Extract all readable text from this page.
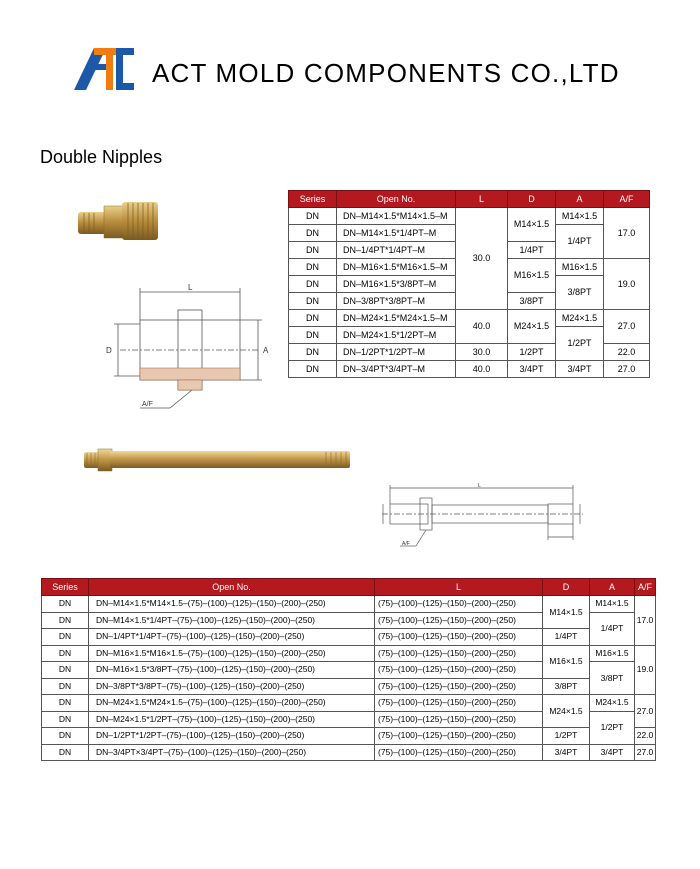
ACT MOLD COMPONENTS CO.,LTD
Double Nipples
L
D	A
A/F
Series	Open No.	L	D	A	A/F
DN	DN–M14×1.5*M14×1.5–M	30.0	M14×1.5	M14×1.5	17.0
DN	DN–M14×1.5*1/4PT–M			1/4PT	
DN	DN–1/4PT*1/4PT–M		1/4PT		
DN	DN–M16×1.5*M16×1.5–M		M16×1.5	M16×1.5	19.0
DN	DN–M16×1.5*3/8PT–M			3/8PT	
DN	DN–3/8PT*3/8PT–M		3/8PT		
DN	DN–M24×1.5*M24×1.5–M	40.0	M24×1.5	M24×1.5	27.0
DN	DN–M24×1.5*1/2PT–M			1/2PT	
DN	DN–1/2PT*1/2PT–M	30.0	1/2PT		22.0
DN	DN–3/4PT*3/4PT–M	40.0	3/4PT	3/4PT	27.0
L
A/F
Series	Open No.	L	D	A	A/F
DN	DN–M14×1.5*M14×1.5–(75)–(100)–(125)–(150)–(200)–(250)	(75)–(100)–(125)–(150)–(200)–(250)	M14×1.5	M14×1.5	17.0
DN	DN–M14×1.5*1/4PT–(75)–(100)–(125)–(150)–(200)–(250)	(75)–(100)–(125)–(150)–(200)–(250)		1/4PT	
DN	DN–1/4PT*1/4PT–(75)–(100)–(125)–(150)–(200)–(250)	(75)–(100)–(125)–(150)–(200)–(250)	1/4PT		
DN	DN–M16×1.5*M16×1.5–(75)–(100)–(125)–(150)–(200)–(250)	(75)–(100)–(125)–(150)–(200)–(250)	M16×1.5	M16×1.5	19.0
DN	DN–M16×1.5*3/8PT–(75)–(100)–(125)–(150)–(200)–(250)	(75)–(100)–(125)–(150)–(200)–(250)		3/8PT	
DN	DN–3/8PT*3/8PT–(75)–(100)–(125)–(150)–(200)–(250)	(75)–(100)–(125)–(150)–(200)–(250)	3/8PT		
DN	DN–M24×1.5*M24×1.5–(75)–(100)–(125)–(150)–(200)–(250)	(75)–(100)–(125)–(150)–(200)–(250)	M24×1.5	M24×1.5	27.0
DN	DN–M24×1.5*1/2PT–(75)–(100)–(125)–(150)–(200)–(250)	(75)–(100)–(125)–(150)–(200)–(250)		1/2PT	
DN	DN–1/2PT*1/2PT–(75)–(100)–(125)–(150)–(200)–(250)	(75)–(100)–(125)–(150)–(200)–(250)	1/2PT		22.0
DN	DN–3/4PT×3/4PT–(75)–(100)–(125)–(150)–(200)–(250)	(75)–(100)–(125)–(150)–(200)–(250)	3/4PT	3/4PT	27.0
